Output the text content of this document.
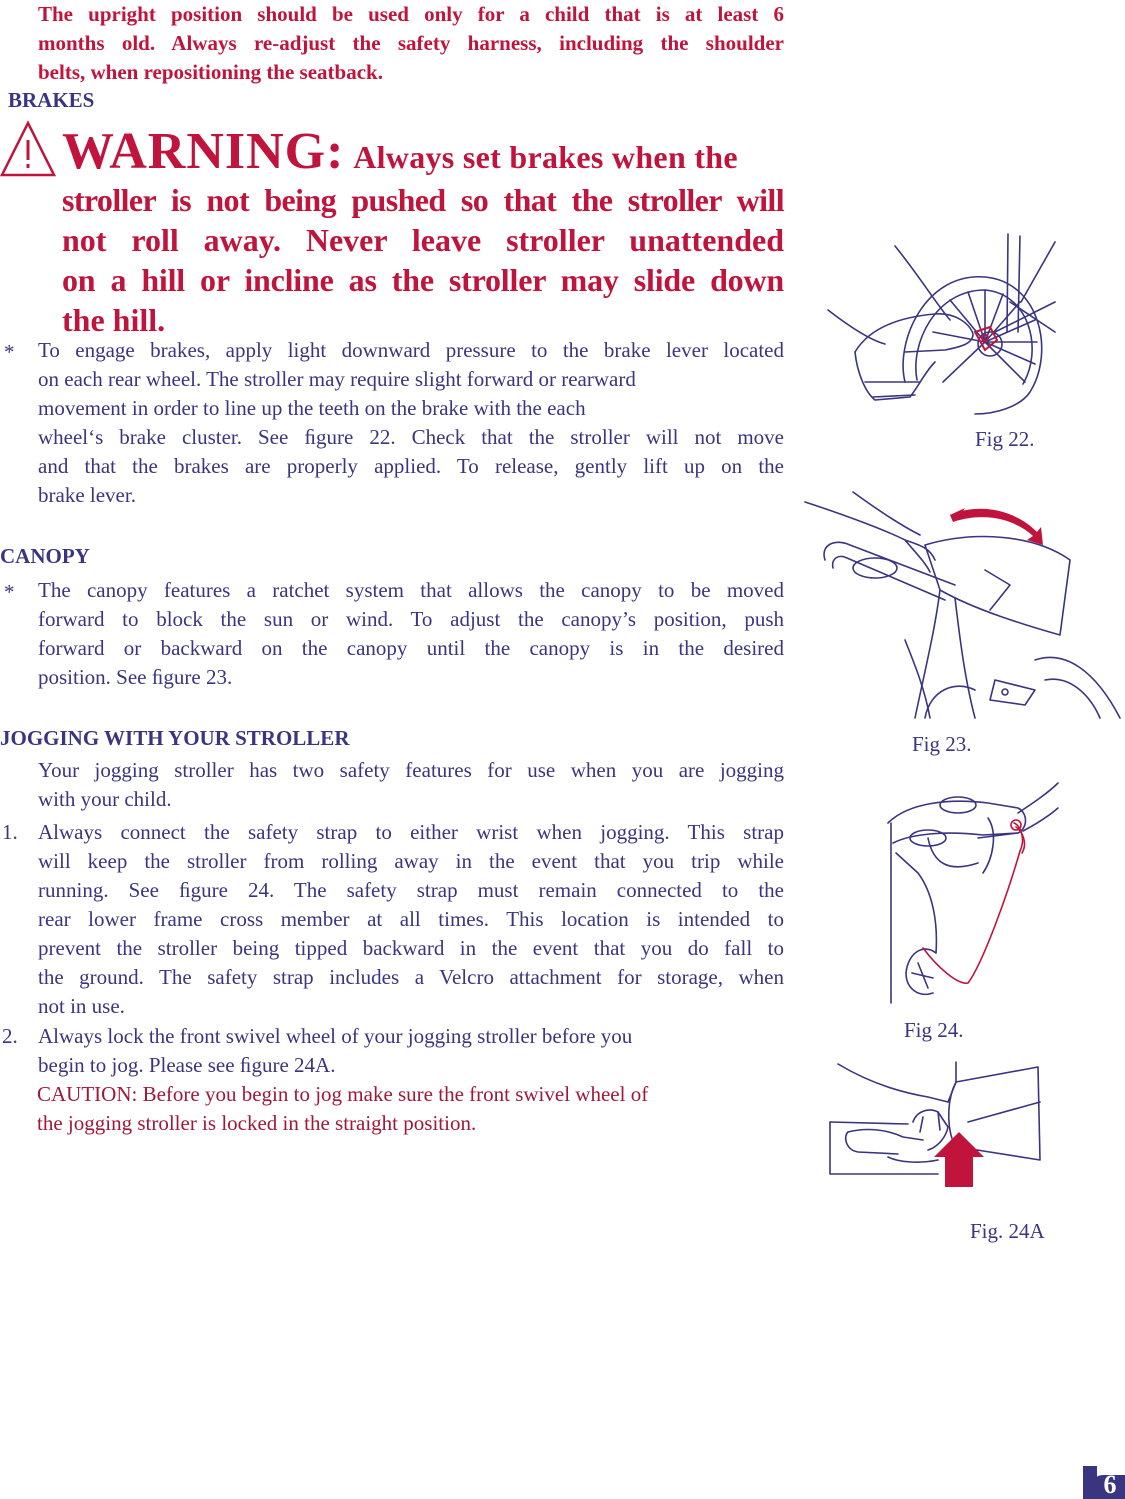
The upright position should be used only for a child that is at least 6
months old. Always re-adjust the safety harness, including the shoulder
belts, when repositioning the seatback.
BRAKES
WARNING: Always set brakes when the
stroller is not being pushed so that the stroller will
not roll away. Never leave stroller unattended
on a hill or incline as the stroller may slide down
the hill.
* To engage brakes, apply light downward pressure to the brake lever located
on each rear wheel. The stroller may require slight forward or rearward
movement in order to line up the teeth on the brake with the each
wheel‘s brake cluster. See ﬁgure 22. Check that the stroller will not move
and that the brakes are properly applied. To release, gently lift up on the
brake lever.
CANOPY
* The canopy features a ratchet system that allows the canopy to be moved
forward to block the sun or wind. To adjust the canopy’s position, push
forward or backward on the canopy until the canopy is in the desired
position. See ﬁgure 23.
JOGGING WITH YOUR STROLLER
Your jogging stroller has two safety features for use when you are jogging
with your child.
1. Always connect the safety strap to either wrist when jogging. This strap
will keep the stroller from rolling away in the event that you trip while
running. See ﬁgure 24. The safety strap must remain connected to the
rear lower frame cross member at all times. This location is intended to
prevent the stroller being tipped backward in the event that you do fall to
the ground. The safety strap includes a Velcro attachment for storage, when
not in use.
2. Always lock the front swivel wheel of your jogging stroller before you
begin to jog. Please see ﬁgure 24A.
CAUTION: Before you begin to jog make sure the front swivel wheel of
the jogging stroller is locked in the straight position.
Fig 22.
Fig 23.
Fig 24.
Fig. 24A
6
